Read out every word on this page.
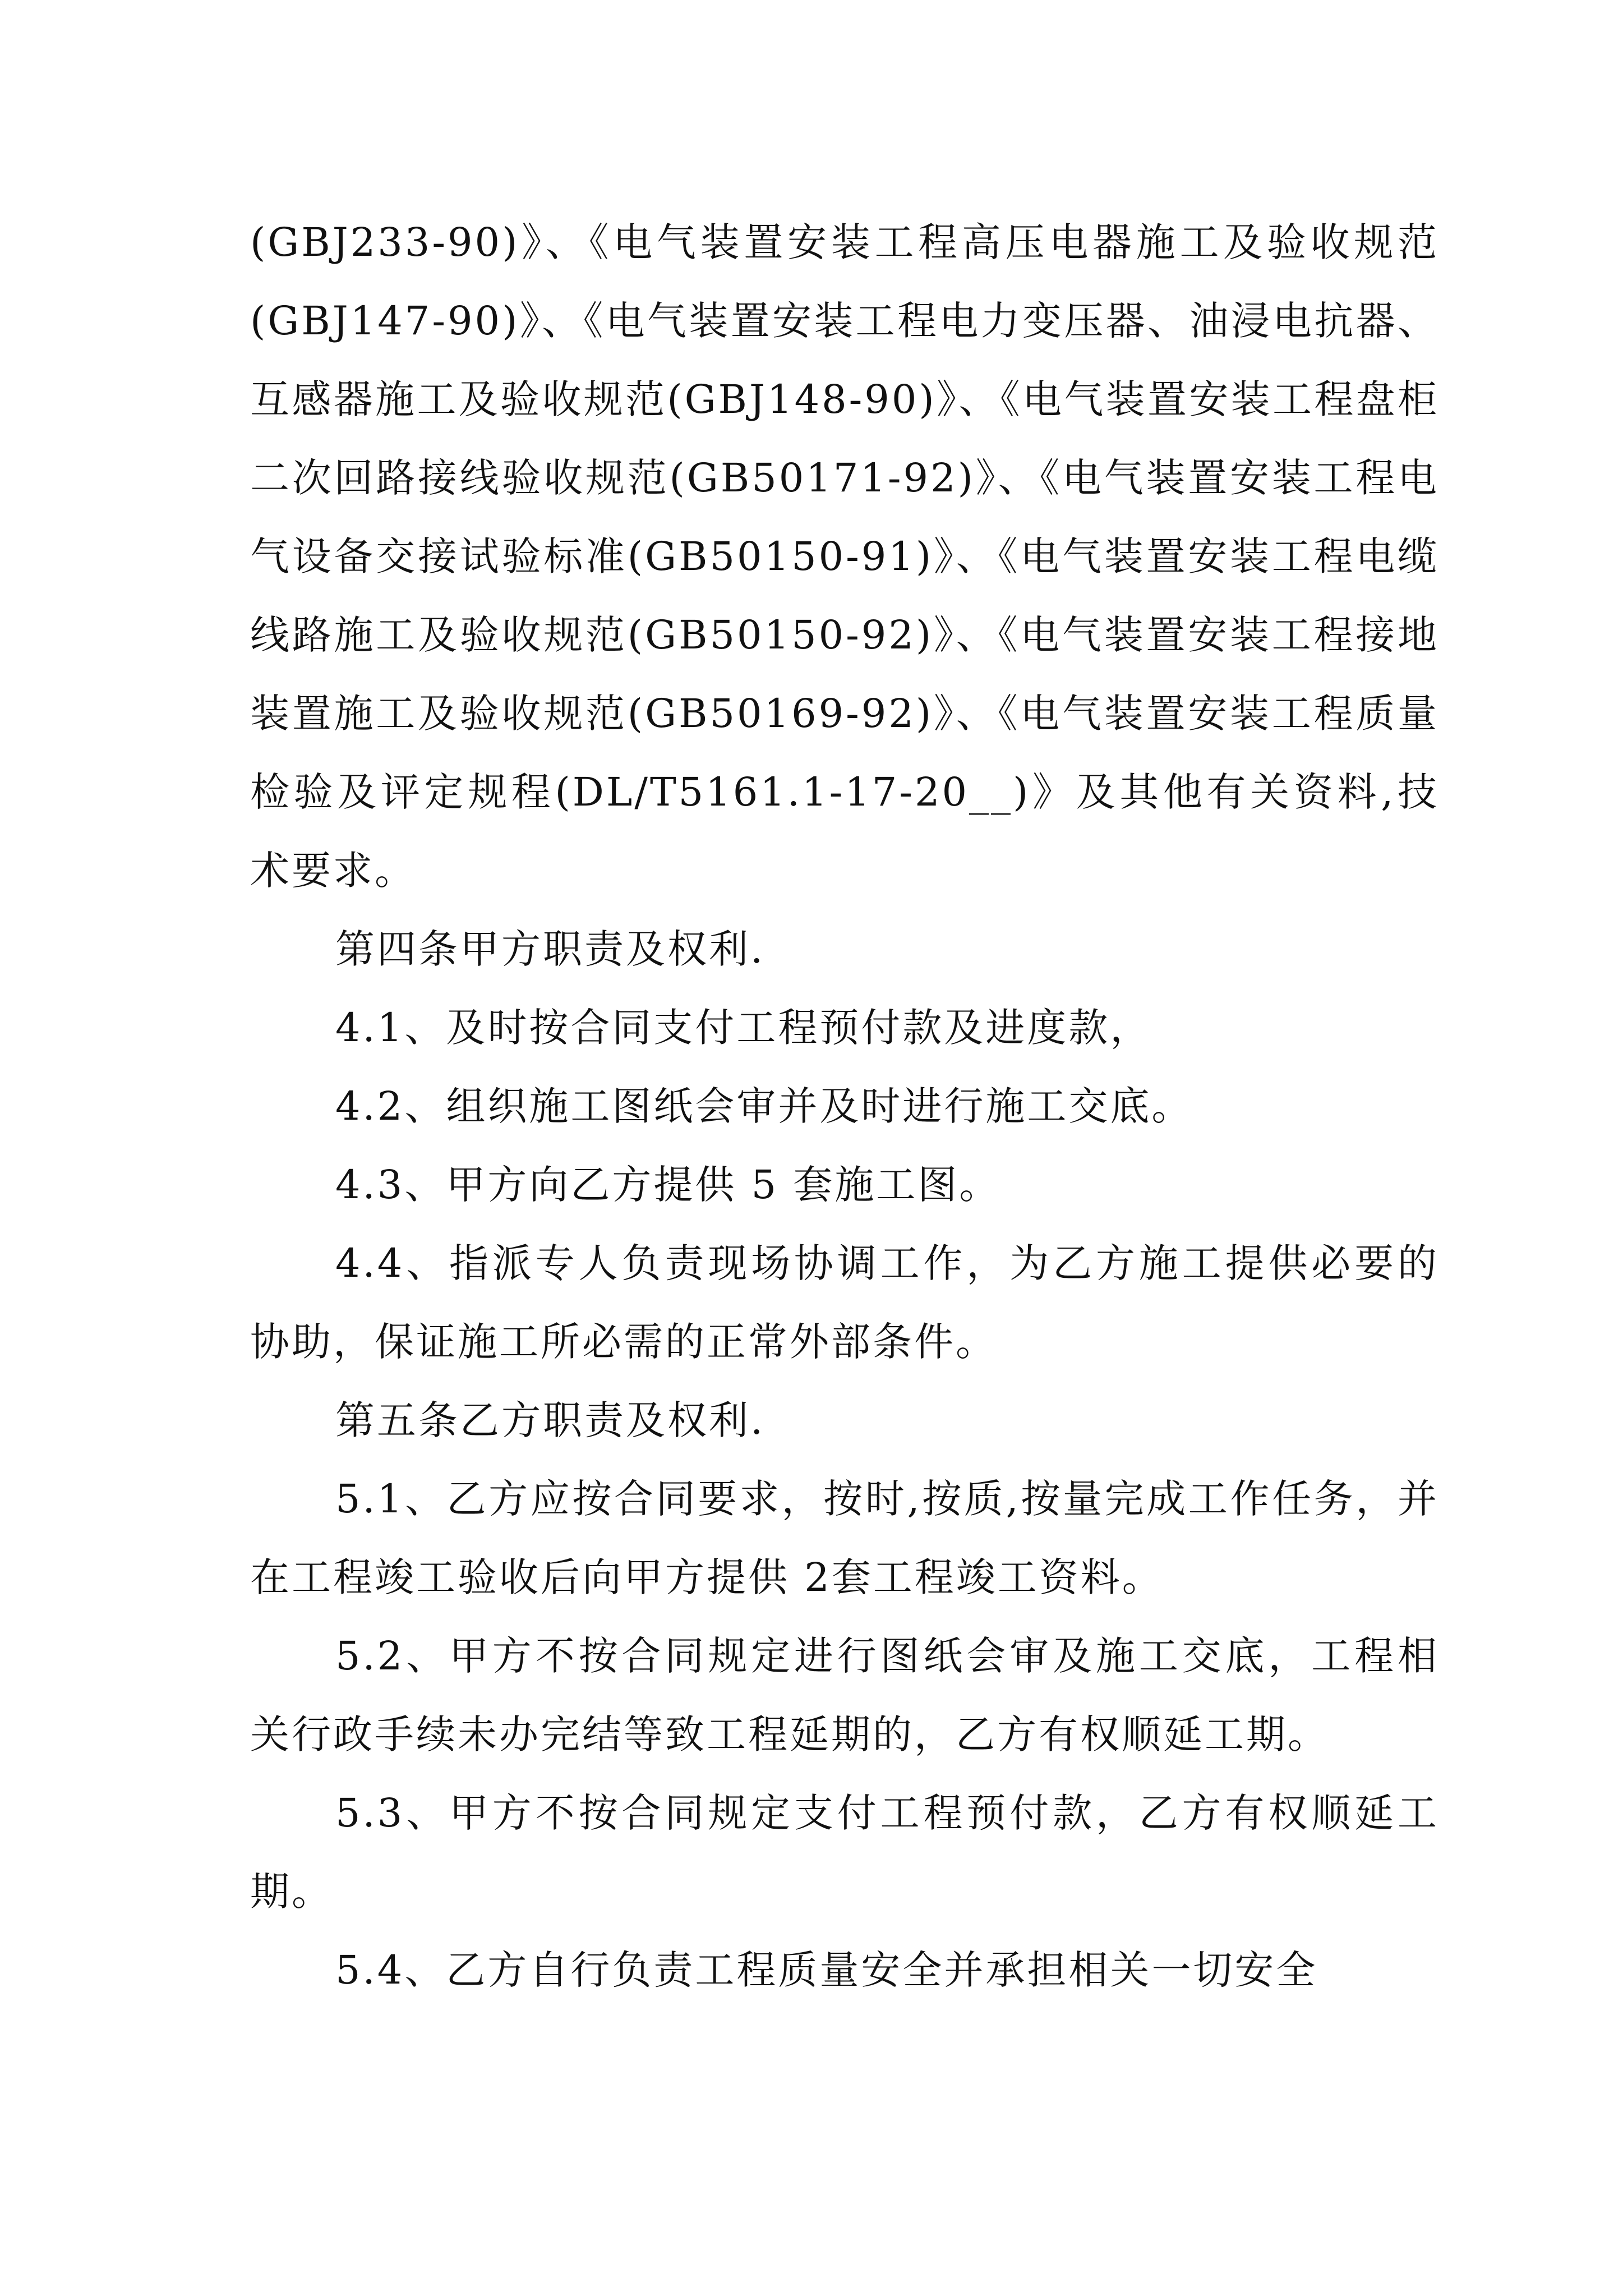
(GBJ233-90)》、《电气装置安装工程高压电器施工及验收规范(GBJ147-90)》、《电气装置安装工程电力变压器、油浸电抗器、互感器施工及验收规范(GBJ148-90)》、《电气装置安装工程盘柜二次回路接线验收规范(GB50171-92)》、《电气装置安装工程电气设备交接试验标准(GB50150-91)》、《电气装置安装工程电缆线路施工及验收规范(GB50150-92)》、《电气装置安装工程接地装置施工及验收规范(GB50169-92)》、《电气装置安装工程质量检验及评定规程(DL/T5161.1-17-20__)》及其他有关资料,技术要求。

第四条甲方职责及权利.

4.1、及时按合同支付工程预付款及进度款，

4.2、组织施工图纸会审并及时进行施工交底。

4.3、甲方向乙方提供 5 套施工图。

4.4、指派专人负责现场协调工作，为乙方施工提供必要的协助，保证施工所必需的正常外部条件。

第五条乙方职责及权利.

5.1、乙方应按合同要求，按时,按质,按量完成工作任务，并在工程竣工验收后向甲方提供 2套工程竣工资料。

5.2、甲方不按合同规定进行图纸会审及施工交底，工程相关行政手续未办完结等致工程延期的，乙方有权顺延工期。

5.3、甲方不按合同规定支付工程预付款，乙方有权顺延工期。

5.4、乙方自行负责工程质量安全并承担相关一切安全
